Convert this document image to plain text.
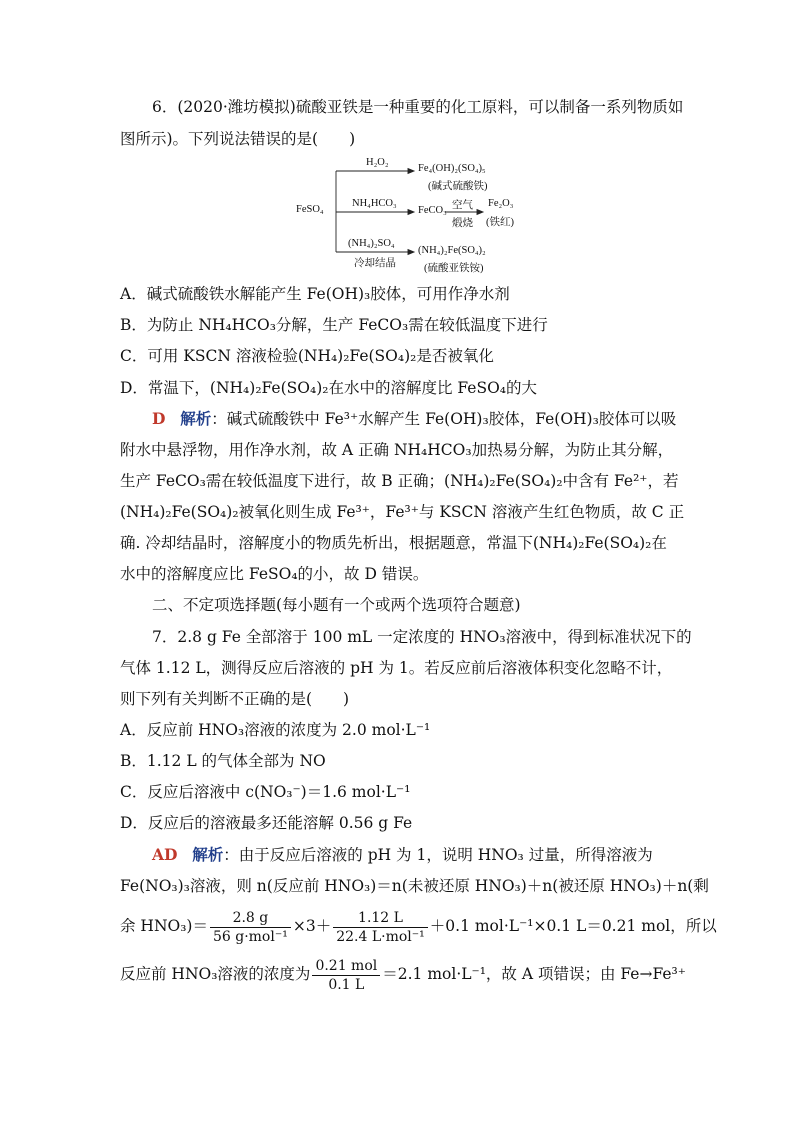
6．(2020·潍坊模拟)硫酸亚铁是一种重要的化工原料，可以制备一系列物质如
图所示)。下列说法错误的是(　　)
FeSO₄
H₂O₂
Fe₄(OH)₂(SO₄)₅
(碱式硫酸铁)
NH₄HCO₃
FeCO₃ 空气
煅烧
Fe₂O₃
(铁红)
(NH₄)₂SO₄
冷却结晶
(NH₄)₂Fe(SO₄)₂
(硫酸亚铁铵)
A．碱式硫酸铁水解能产生 Fe(OH)₃胶体，可用作净水剂
B．为防止 NH₄HCO₃分解，生产 FeCO₃需在较低温度下进行
C．可用 KSCN 溶液检验(NH₄)₂Fe(SO₄)₂是否被氧化
D．常温下，(NH₄)₂Fe(SO₄)₂在水中的溶解度比 FeSO₄的大
D 解析：碱式硫酸铁中 Fe³⁺水解产生 Fe(OH)₃胶体，Fe(OH)₃胶体可以吸
附水中悬浮物，用作净水剂，故 A 正确 NH₄HCO₃加热易分解，为防止其分解，
生产 FeCO₃需在较低温度下进行，故 B 正确；(NH₄)₂Fe(SO₄)₂中含有 Fe²⁺，若
(NH₄)₂Fe(SO₄)₂被氧化则生成 Fe³⁺，Fe³⁺与 KSCN 溶液产生红色物质，故 C 正
确. 冷却结晶时，溶解度小的物质先析出，根据题意，常温下(NH₄)₂Fe(SO₄)₂在
水中的溶解度应比 FeSO₄的小，故 D 错误。
二、不定项选择题(每小题有一个或两个选项符合题意)
7．2.8 g Fe 全部溶于 100 mL 一定浓度的 HNO₃溶液中，得到标准状况下的
气体 1.12 L，测得反应后溶液的 pH 为 1。若反应前后溶液体积变化忽略不计，
则下列有关判断不正确的是(　　)
A．反应前 HNO₃溶液的浓度为 2.0 mol·L⁻¹
B．1.12 L 的气体全部为 NO
C．反应后溶液中 c(NO₃⁻)＝1.6 mol·L⁻¹
D．反应后的溶液最多还能溶解 0.56 g Fe
AD 解析：由于反应后溶液的 pH 为 1，说明 HNO₃ 过量，所得溶液为
Fe(NO₃)₃溶液，则 n(反应前 HNO₃)＝n(未被还原 HNO₃)＋n(被还原 HNO₃)＋n(剩
余 $HNO_3)= \frac{2.8 g}{\text{56 g·mol⁻¹}} \times 3+ \frac{1.12 L}{\text{22.4 L·mol⁻¹}} +0.1$ mol·L⁻¹×0.1 L＝0.21 mol，所以
反应前 HNO₃溶液的浓度为 $\frac{\text{0.21 mol}}{0.1 L} =2.1$ mol·L⁻¹，故 A 项错误；由 Fe→Fe³⁺
